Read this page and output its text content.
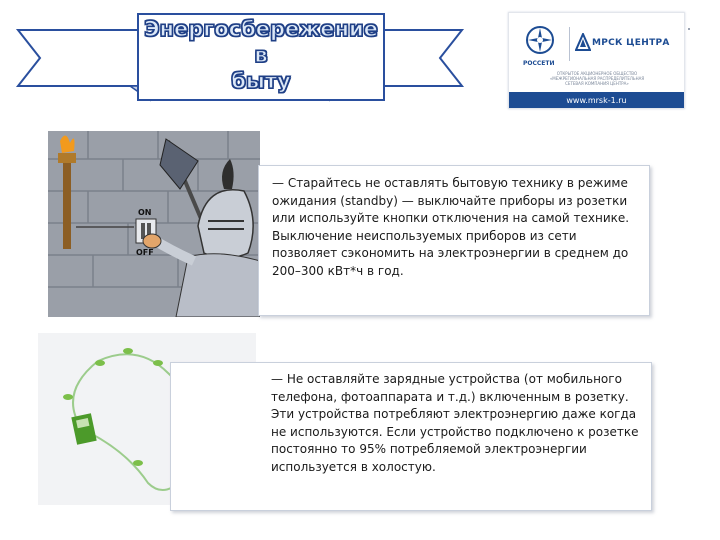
Энергосбережение в
быту
РОССЕТИ
МРСК ЦЕНТРА
ОТКРЫТОЕ АКЦИОНЕРНОЕ ОБЩЕСТВО «МЕЖРЕГИОНАЛЬНАЯ РАСПРЕДЕЛИТЕЛЬНАЯ СЕТЕВАЯ КОМПАНИЯ ЦЕНТРА»
www.mrsk-1.ru
ON
OFF
— Старайтесь не оставлять бытовую технику в режиме ожидания (standby) — выключайте приборы из розетки или используйте кнопки отключения на самой технике. Выключение неиспользуемых приборов из сети позволяет сэкономить на электроэнергии в среднем до 200–300 кВт*ч в год.
— Не оставляйте зарядные устройства (от мобильного телефона, фотоаппарата и т.д.) включенным в розетку. Эти устройства потребляют электроэнергию даже когда не используются. Если устройство подключено к розетке постоянно то 95% потребляемой электроэнергии используется в холостую.
